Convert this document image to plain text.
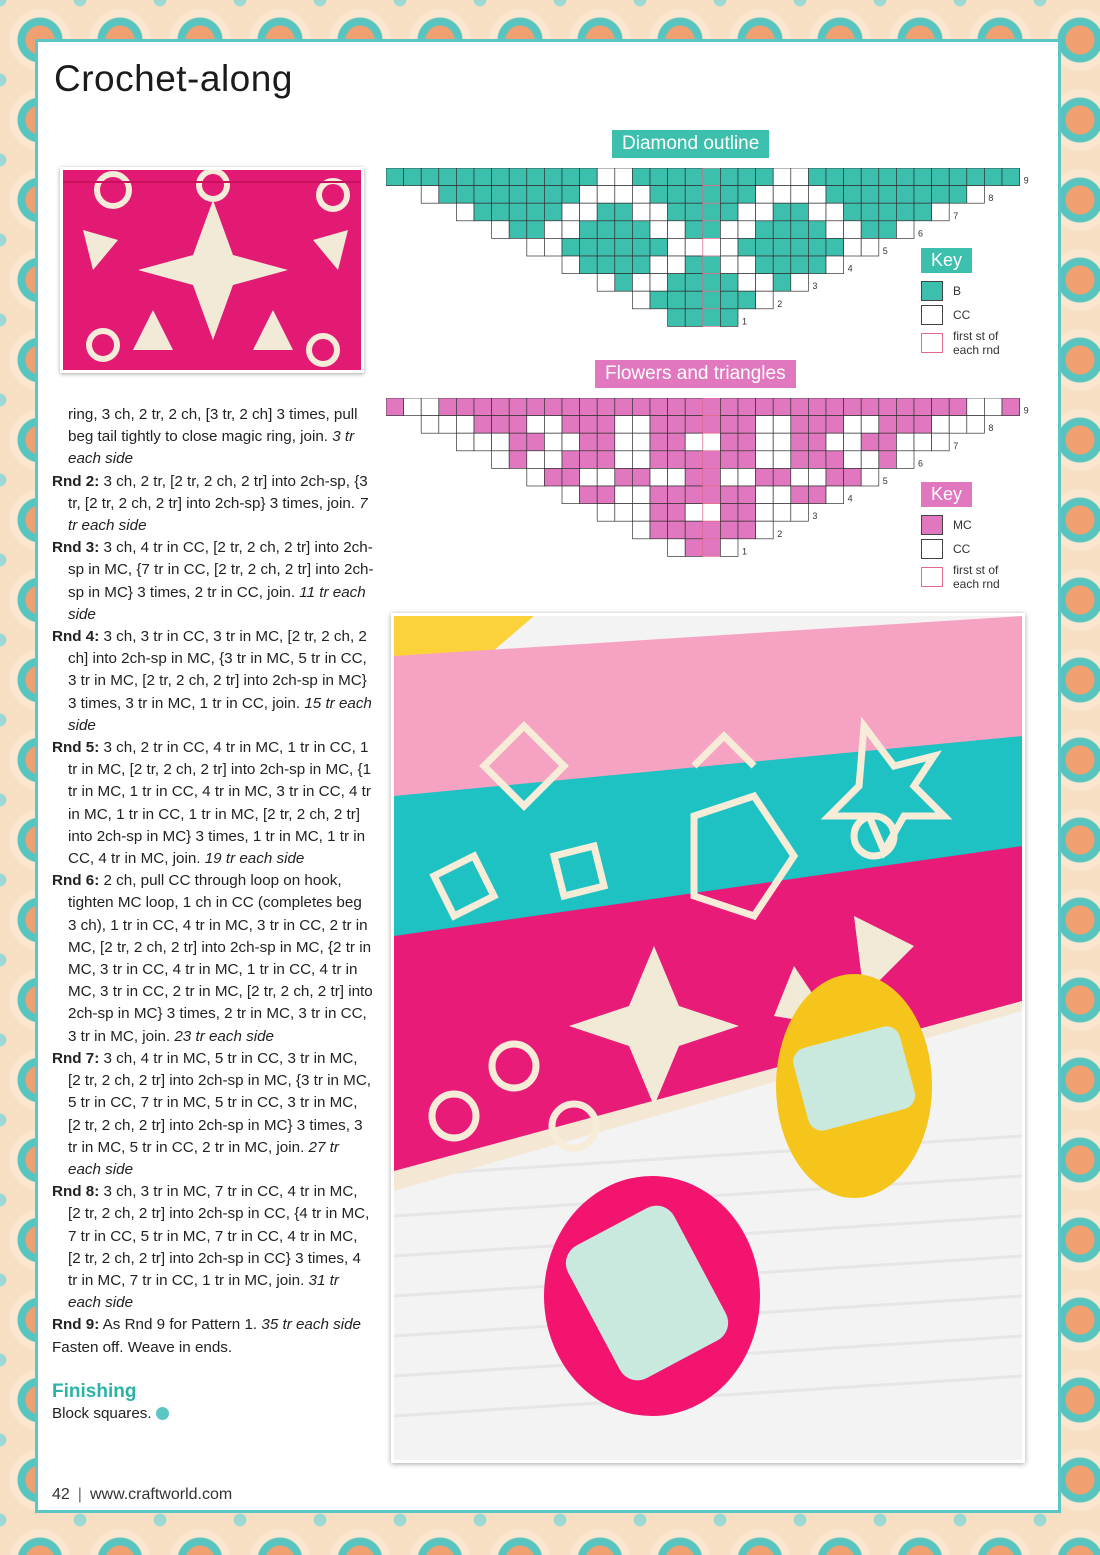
Crochet-along
Diamond outline
9
8
7
6
5
4
3
2
1
Key
B
CC
first st of each rnd
Flowers and triangles
9
8
7
6
5
4
3
2
1
Key
MC
CC
first st of each rnd

ring, 3 ch, 2 tr, 2 ch, [3 tr, 2 ch] 3 times, pull beg tail tightly to close magic ring, join. 3 tr each side

Rnd 2: 3 ch, 2 tr, [2 tr, 2 ch, 2 tr] into 2ch-sp, {3 tr, [2 tr, 2 ch, 2 tr] into 2ch-sp} 3 times, join. 7 tr each side

Rnd 3: 3 ch, 4 tr in CC, [2 tr, 2 ch, 2 tr] into 2ch-sp in MC, {7 tr in CC, [2 tr, 2 ch, 2 tr] into 2ch-sp in MC} 3 times, 2 tr in CC, join. 11 tr each side

Rnd 4: 3 ch, 3 tr in CC, 3 tr in MC, [2 tr, 2 ch, 2 ch] into 2ch-sp in MC, {3 tr in MC, 5 tr in CC, 3 tr in MC, [2 tr, 2 ch, 2 tr] into 2ch-sp in MC} 3 times, 3 tr in MC, 1 tr in CC, join. 15 tr each side

Rnd 5: 3 ch, 2 tr in CC, 4 tr in MC, 1 tr in CC, 1 tr in MC, [2 tr, 2 ch, 2 tr] into 2ch-sp in MC, {1 tr in MC, 1 tr in CC, 4 tr in MC, 3 tr in CC, 4 tr in MC, 1 tr in CC, 1 tr in MC, [2 tr, 2 ch, 2 tr] into 2ch-sp in MC} 3 times, 1 tr in MC, 1 tr in CC, 4 tr in MC, join. 19 tr each side

Rnd 6: 2 ch, pull CC through loop on hook, tighten MC loop, 1 ch in CC (completes beg 3 ch), 1 tr in CC, 4 tr in MC, 3 tr in CC, 2 tr in MC, [2 tr, 2 ch, 2 tr] into 2ch-sp in MC, {2 tr in MC, 3 tr in CC, 4 tr in MC, 1 tr in CC, 4 tr in MC, 3 tr in CC, 2 tr in MC, [2 tr, 2 ch, 2 tr] into 2ch-sp in MC} 3 times, 2 tr in MC, 3 tr in CC, 3 tr in MC, join. 23 tr each side

Rnd 7: 3 ch, 4 tr in MC, 5 tr in CC, 3 tr in MC, [2 tr, 2 ch, 2 tr] into 2ch-sp in MC, {3 tr in MC, 5 tr in CC, 7 tr in MC, 5 tr in CC, 3 tr in MC, [2 tr, 2 ch, 2 tr] into 2ch-sp in MC} 3 times, 3 tr in MC, 5 tr in CC, 2 tr in MC, join. 27 tr each side

Rnd 8: 3 ch, 3 tr in MC, 7 tr in CC, 4 tr in MC, [2 tr, 2 ch, 2 tr] into 2ch-sp in CC, {4 tr in MC, 7 tr in CC, 5 tr in MC, 7 tr in CC, 4 tr in MC, [2 tr, 2 ch, 2 tr] into 2ch-sp in CC} 3 times, 4 tr in MC, 7 tr in CC, 1 tr in MC, join. 31 tr each side

Rnd 9: As Rnd 9 for Pattern 1. 35 tr each side

Fasten off. Weave in ends.

Finishing

Block squares.

42 | www.craftworld.com
